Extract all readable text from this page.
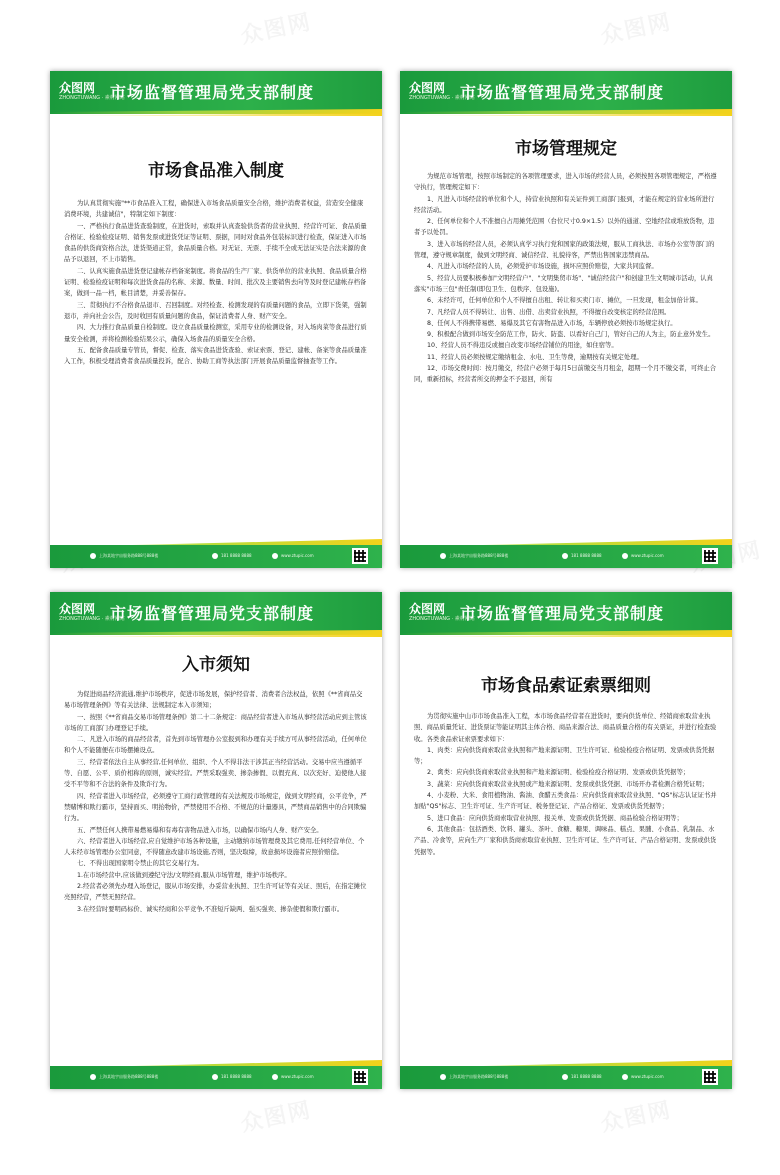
众图网
ZHONGTUWANG · 素材网站
市场监督管理局党支部制度
市场食品准入制度

为认真贯彻实施"**市食品准入工程，确保进入市场食品质量安全合格，维护消费者权益，营造安全健康消费环境，共建诚信"，特制定如下制度：

一、严格执行食品进货查验制度，在进货时，索取并认真查验供货者的营业执照、经营许可证、食品质量合格证、检验检疫证明、销售发票或进货凭证等证明、票据，同时对食品外包装标识进行检查，保证进入市场食品的供货商资格合法，进货渠道正常，食品质量合格。对无证、无票、手续不全或无法证实是合法来源的食品予以退回，不上市销售。

二、认真实施食品进货登记建帐存档备案制度。将食品的生产厂家、供货单位的营业执照、食品质量合格证明、检验检疫证明和每次进货食品的名称、来源、数量、时间、批次及主要销售去向等及时登记建帐存档备案，做到一品一档，帐目清楚，并妥善保存。

三、贯彻执行不合格食品退市、召回制度。对经检查、检测发现的有质量问题的食品，立即下货架，强制退市，并向社会公告，及时收回有质量问题的食品，保证消费者人身、财产安全。

四、大力推行食品质量自检制度。设立食品质量检测室，采用专业的检测设备，对入场肉菜等食品进行质量安全检测，并将检测检验结果公示，确保入场食品的质量安全合格。

五、配备食品质量专管员，督促、检查、落实食品进货查验、索证索票、登记、建帐、备案等食品质量准入工作，积极受理消费者食品质量投诉，配合、协助工商等执法部门开展食品质量监督抽查等工作。

上海某地宇宙服务路888号888楼	181 8888 8888	www.ztupic.com
众图网
ZHONGTUWANG · 素材网站
市场监督管理局党支部制度
市场管理规定

为规范市场管理，按照市场制定的各项管理要求，进入市场的经营人员，必须按照各项管理规定，严格遵守执行，管理规定如下：

1、凡进入市场经营的单位和个人，持营业执照和有关证件到工商部门报到，才能在规定的营业场所进行经营活动。

2、任何单位和个人不准擅自占用摊凭范围（台位尺寸0.9×1.5）以外的通道、空地经营或堆放货物，违者予以处罚。

3、进入市场的经营人员，必须认真学习执行党和国家的政策法规，服从工商执法、市场办公室等部门的管理，遵守规章制度，做到文明经商、诚信经营、礼貌待客，严禁出售国家违禁商品。

4、凡进入市场经营的人员，必须爱护市场设施，损坏应照价赔偿，大家共同监督。

5、经营人员要积极参加"文明经营户"、"文明集贸市场"、"诚信经营户"和创建卫生文明城市活动，认真落实"市场三包"责任制(即包卫生、包秩序、包设施)。

6、未经许可，任何单位和个人不得擅自出租、转让和买卖门市、摊位，一旦发现，租金加倍计算。

7、凡经营人员不得转让、出售、出借、出卖营业执照，不得擅自改变核定的经营范围。

8、任何人不得携带易燃、易爆及其它有害物品进入市场，车辆停放必须按市场规定执行。

9、积极配合做到市场安全防范工作，防火、防盗、以看好自己门，管好自己的人为主，防止意外发生。

10、经营人员不得违反或擅自改变市场经营铺位的用途，如住宿等。

11、经营人员必须按规定缴纳租金、水电、卫生等费，逾期按有关规定处理。

12、市场交费时间：按月缴交，经营户必须于每月5日前缴交当月租金，超期一个月不缴交者，可终止合同，重新招标，经营者所交的押金不予退回，所有

上海某地宇宙服务路888号888楼	181 8888 8888	www.ztupic.com
众图网
ZHONGTUWANG · 素材网站
市场监督管理局党支部制度
入市须知

为促进商品经济流通,维护市场秩序，促进市场发展，保护经营者、消费者合法权益，依照《**省商品交易市场管理条例》等有关法律、法规制定本入市须知；

一、按照《**省商品交易市场管理条例》第二十二条规定：商品经营者进入市场从事经营活动应到主管该市场的工商部门办理登记手续。

二、凡进入市场的商品经营者，首先到市场管理办公室报到和办理有关手续方可从事经营活动，任何单位和个人不能随便在市场摆摊设点。

三、经营者依法自主从事经营,任何单位、组织、个人不得非法干涉其正当经营活动。交易中应当遵循平等、自愿、公平、质价相称的原则，诚实经营。严禁采取强卖、掺杂掺假、以假充真、以次充好、迫使他人接受不平等和不合法的条件及欺诈行为。

四、经营者进入市场经营，必须遵守工商行政管理的有关法规及市场规定，做到文明经商，公平竞争，严禁赌博和欺行霸市，坚持面买、明抬物价，严禁使用不合格、不规范的计量器具，严禁商品销售中的合同欺骗行为。

五、严禁任何人携带易燃易爆和有毒有害物品进入市场，以确保市场内人身、财产安全。

六、经营者进入市场经营,应自觉维护市场各种设施，主动缴纳市场管理费及其它费用,任何经营单位、个人未经市场管理办公室同意，不得随意改建市场设施,否则，坚决取缔，故意损坏设施者应照价赔偿。

七、不得出现国家明令禁止的其它交易行为。

1.在市场经营中,应该做到遵纪守法/文明经商,服从市场管理，维护市场秩序。

2.经营者必须先办理入场登记，服从市场安排，办妥营业执照、卫生许可证等有关证、照后，在指定摊位亮照经营，严禁无照经营。

3.在经营时要明码标价、诚实经商和公平竞争,不准短斤缺两、强买强卖、掺杂使假和欺行霸市。

上海某地宇宙服务路888号888楼	181 8888 8888	www.ztupic.com
众图网
ZHONGTUWANG · 素材网站
市场监督管理局党支部制度
市场食品索证索票细则

为贯彻实施中山市市场食品准入工程，本市场食品经营者在进货时，要向供货单位、经销商索取营业执照、商品质量凭证、进货票证等能证明其主体合格、商品来源合法、商品质量合格的有关票证，并进行检查验收。各类食品索证索票要求如下：

1、肉类：应向供货商索取营业执照和产地来源证明、卫生许可证、检验检疫合格证明、发票或供货凭据等；

2、禽类：应向供货商索取营业执照和产地来源证明、检验检疫合格证明、发票或供货凭据等；

3、蔬菜：应向供货商索取营业执照或产地来源证明、发票或供货凭据、市场开办者检测合格凭证明；

4、小麦粉、大米、食用植物油、酱油、食醋五类食品：应向供货商索取营业执照、"QS"标志认证证书并加贴"QS"标志、卫生许可证、生产许可证、税务登记证、产品合格证、发票或供货凭据等；

5、进口食品：应向供货商索取营业执照、报关单、发票或供货凭据、商品检验合格证明等；

6、其他食品：包括酒类、饮料、罐头、茶叶、食糖、糖果、调味品、糕点、果脯、小食品、乳制品、水产品、冷食等，应向生产厂家和供货商索取营业执照、卫生许可证、生产许可证、产品合格证明、发票或供货凭据等。

上海某地宇宙服务路888号888楼	181 8888 8888	www.ztupic.com
